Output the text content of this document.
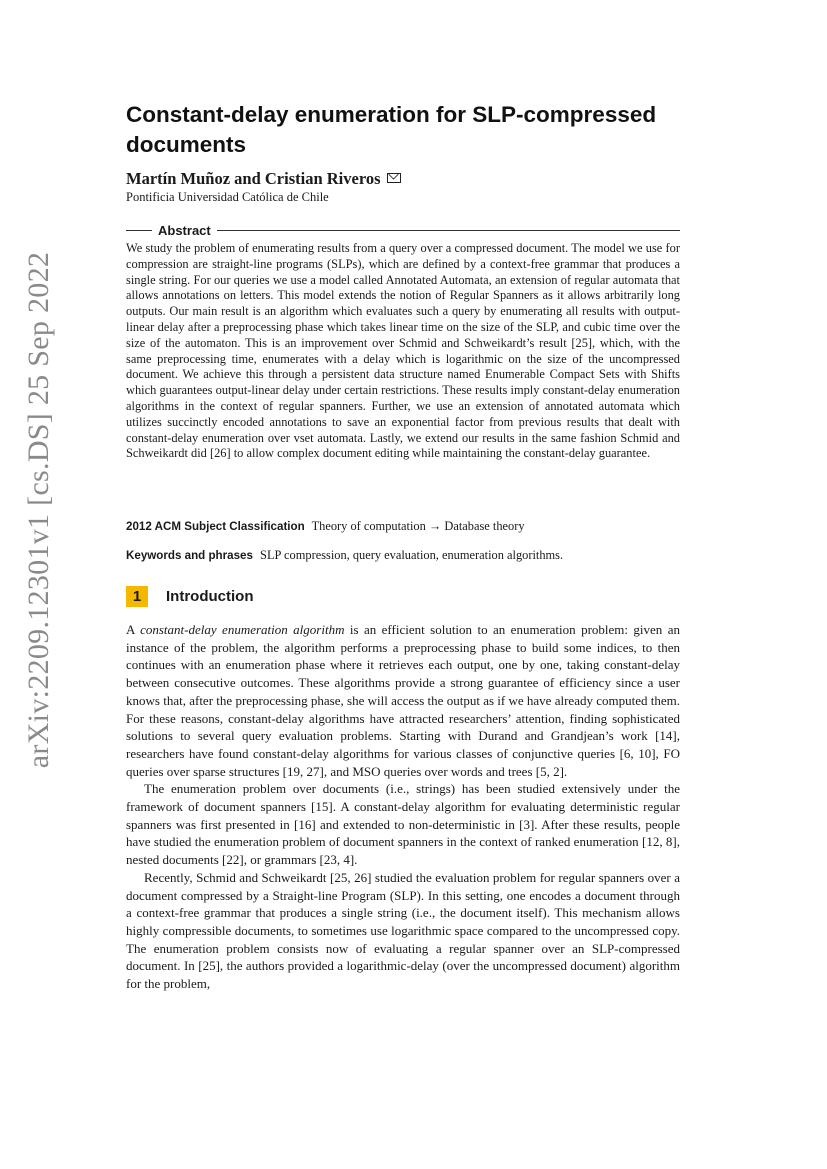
arXiv:2209.12301v1 [cs.DS] 25 Sep 2022
Constant-delay enumeration for SLP-compressed documents
Martín Muñoz and Cristian Riveros
Pontificia Universidad Católica de Chile
Abstract

We study the problem of enumerating results from a query over a compressed document. The model we use for compression are straight-line programs (SLPs), which are defined by a context-free grammar that produces a single string. For our queries we use a model called Annotated Automata, an extension of regular automata that allows annotations on letters. This model extends the notion of Regular Spanners as it allows arbitrarily long outputs. Our main result is an algorithm which evaluates such a query by enumerating all results with output-linear delay after a preprocessing phase which takes linear time on the size of the SLP, and cubic time over the size of the automaton. This is an improvement over Schmid and Schweikardt’s result [25], which, with the same preprocessing time, enumerates with a delay which is logarithmic on the size of the uncompressed document. We achieve this through a persistent data structure named Enumerable Compact Sets with Shifts which guarantees output-linear delay under certain restrictions. These results imply constant-delay enumeration algorithms in the context of regular spanners. Further, we use an extension of annotated automata which utilizes succinctly encoded annotations to save an exponential factor from previous results that dealt with constant-delay enumeration over vset automata. Lastly, we extend our results in the same fashion Schmid and Schweikardt did [26] to allow complex document editing while maintaining the constant-delay guarantee.

2012 ACM Subject Classification Theory of computation → Database theory
Keywords and phrases SLP compression, query evaluation, enumeration algorithms.
1	Introduction

A constant-delay enumeration algorithm is an efficient solution to an enumeration problem: given an instance of the problem, the algorithm performs a preprocessing phase to build some indices, to then continues with an enumeration phase where it retrieves each output, one by one, taking constant-delay between consecutive outcomes. These algorithms provide a strong guarantee of efficiency since a user knows that, after the preprocessing phase, she will access the output as if we have already computed them. For these reasons, constant-delay algorithms have attracted researchers’ attention, finding sophisticated solutions to several query evaluation problems. Starting with Durand and Grandjean’s work [14], researchers have found constant-delay algorithms for various classes of conjunctive queries [6, 10], FO queries over sparse structures [19, 27], and MSO queries over words and trees [5, 2].

The enumeration problem over documents (i.e., strings) has been studied extensively under the framework of document spanners [15]. A constant-delay algorithm for evaluating deterministic regular spanners was first presented in [16] and extended to non-deterministic in [3]. After these results, people have studied the enumeration problem of document spanners in the context of ranked enumeration [12, 8], nested documents [22], or grammars [23, 4].

Recently, Schmid and Schweikardt [25, 26] studied the evaluation problem for regular spanners over a document compressed by a Straight-line Program (SLP). In this setting, one encodes a document through a context-free grammar that produces a single string (i.e., the document itself). This mechanism allows highly compressible documents, to sometimes use logarithmic space compared to the uncompressed copy. The enumeration problem consists now of evaluating a regular spanner over an SLP-compressed document. In [25], the authors provided a logarithmic-delay (over the uncompressed document) algorithm for the problem,
